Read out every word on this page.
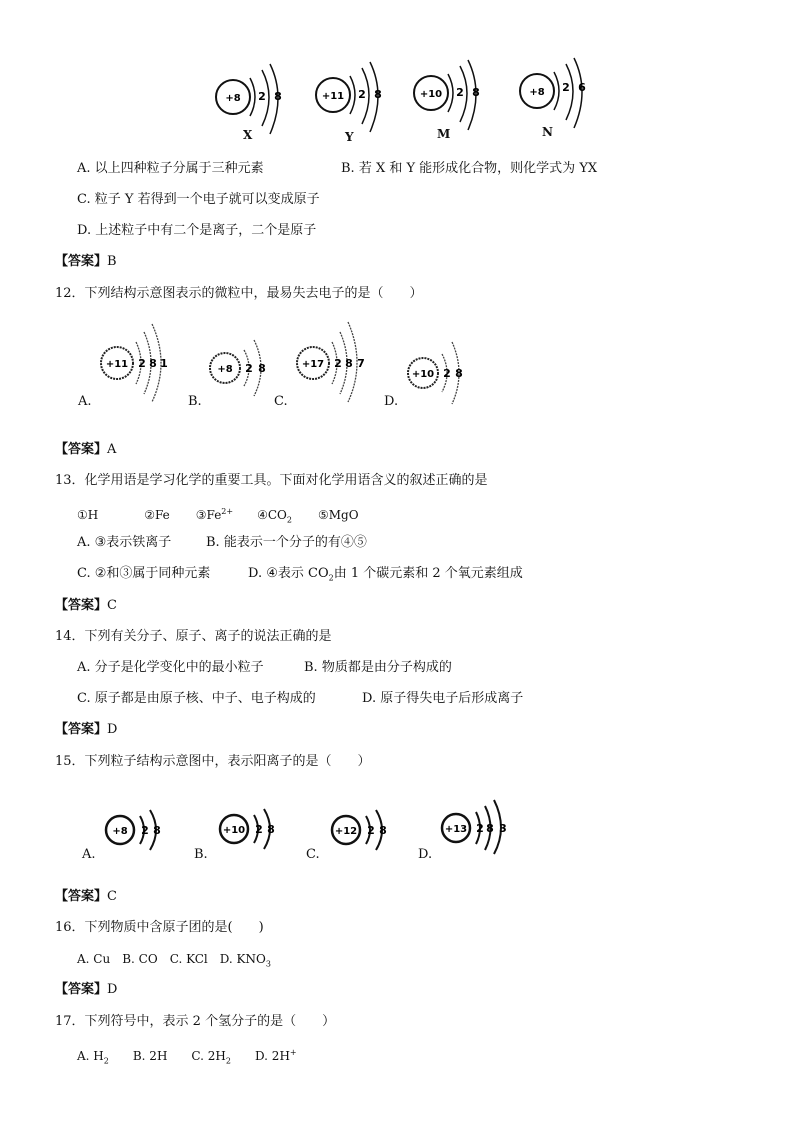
+8 2 8
X
+11 2 8
Y
+10 2 8
M
+8 2 6
N
A. 以上四种粒子分属于三种元素	B. 若 X 和 Y 能形成化合物，则化学式为 YX
C. 粒子 Y 若得到一个电子就可以变成原子
D. 上述粒子中有二个是离子，二个是原子
【答案】B
12．下列结构示意图表示的微粒中，最易失去电子的是（　　）
A.
+11 2 8 1
B.
+8 2 8
C.
+17 2 8 7
D.
+10 2 8
【答案】A
13．化学用语是学习化学的重要工具。下面对化学用语含义的叙述正确的是
①H	②Fe $③Fe^{2+}$ $④CO_2$ ⑤MgO
A. ③表示铁离子	B. 能表示一个分子的有④⑤
C. ②和③属于同种元素	D. ④表示 $CO_2$由 1 个碳元素和 2 个氧元素组成
【答案】C
14．下列有关分子、原子、离子的说法正确的是
A. 分子是化学变化中的最小粒子	B. 物质都是由分子构成的
C. 原子都是由原子核、中子、电子构成的	D. 原子得失电子后形成离子
【答案】D
15．下列粒子结构示意图中，表示阳离子的是（　　）
A.
+8 2 8
B.
+10 2 8
C.
+12 2 8
D.
+13 2 8 3
【答案】C
16．下列物质中含原子团的是(　　)
A. Cu B. CO C. KCl D. $KNO_3$
【答案】D
17．下列符号中，表示 2 个氢分子的是（　　）
A. $H_2$ B. 2H C. $2H_2$ D. 2H+
